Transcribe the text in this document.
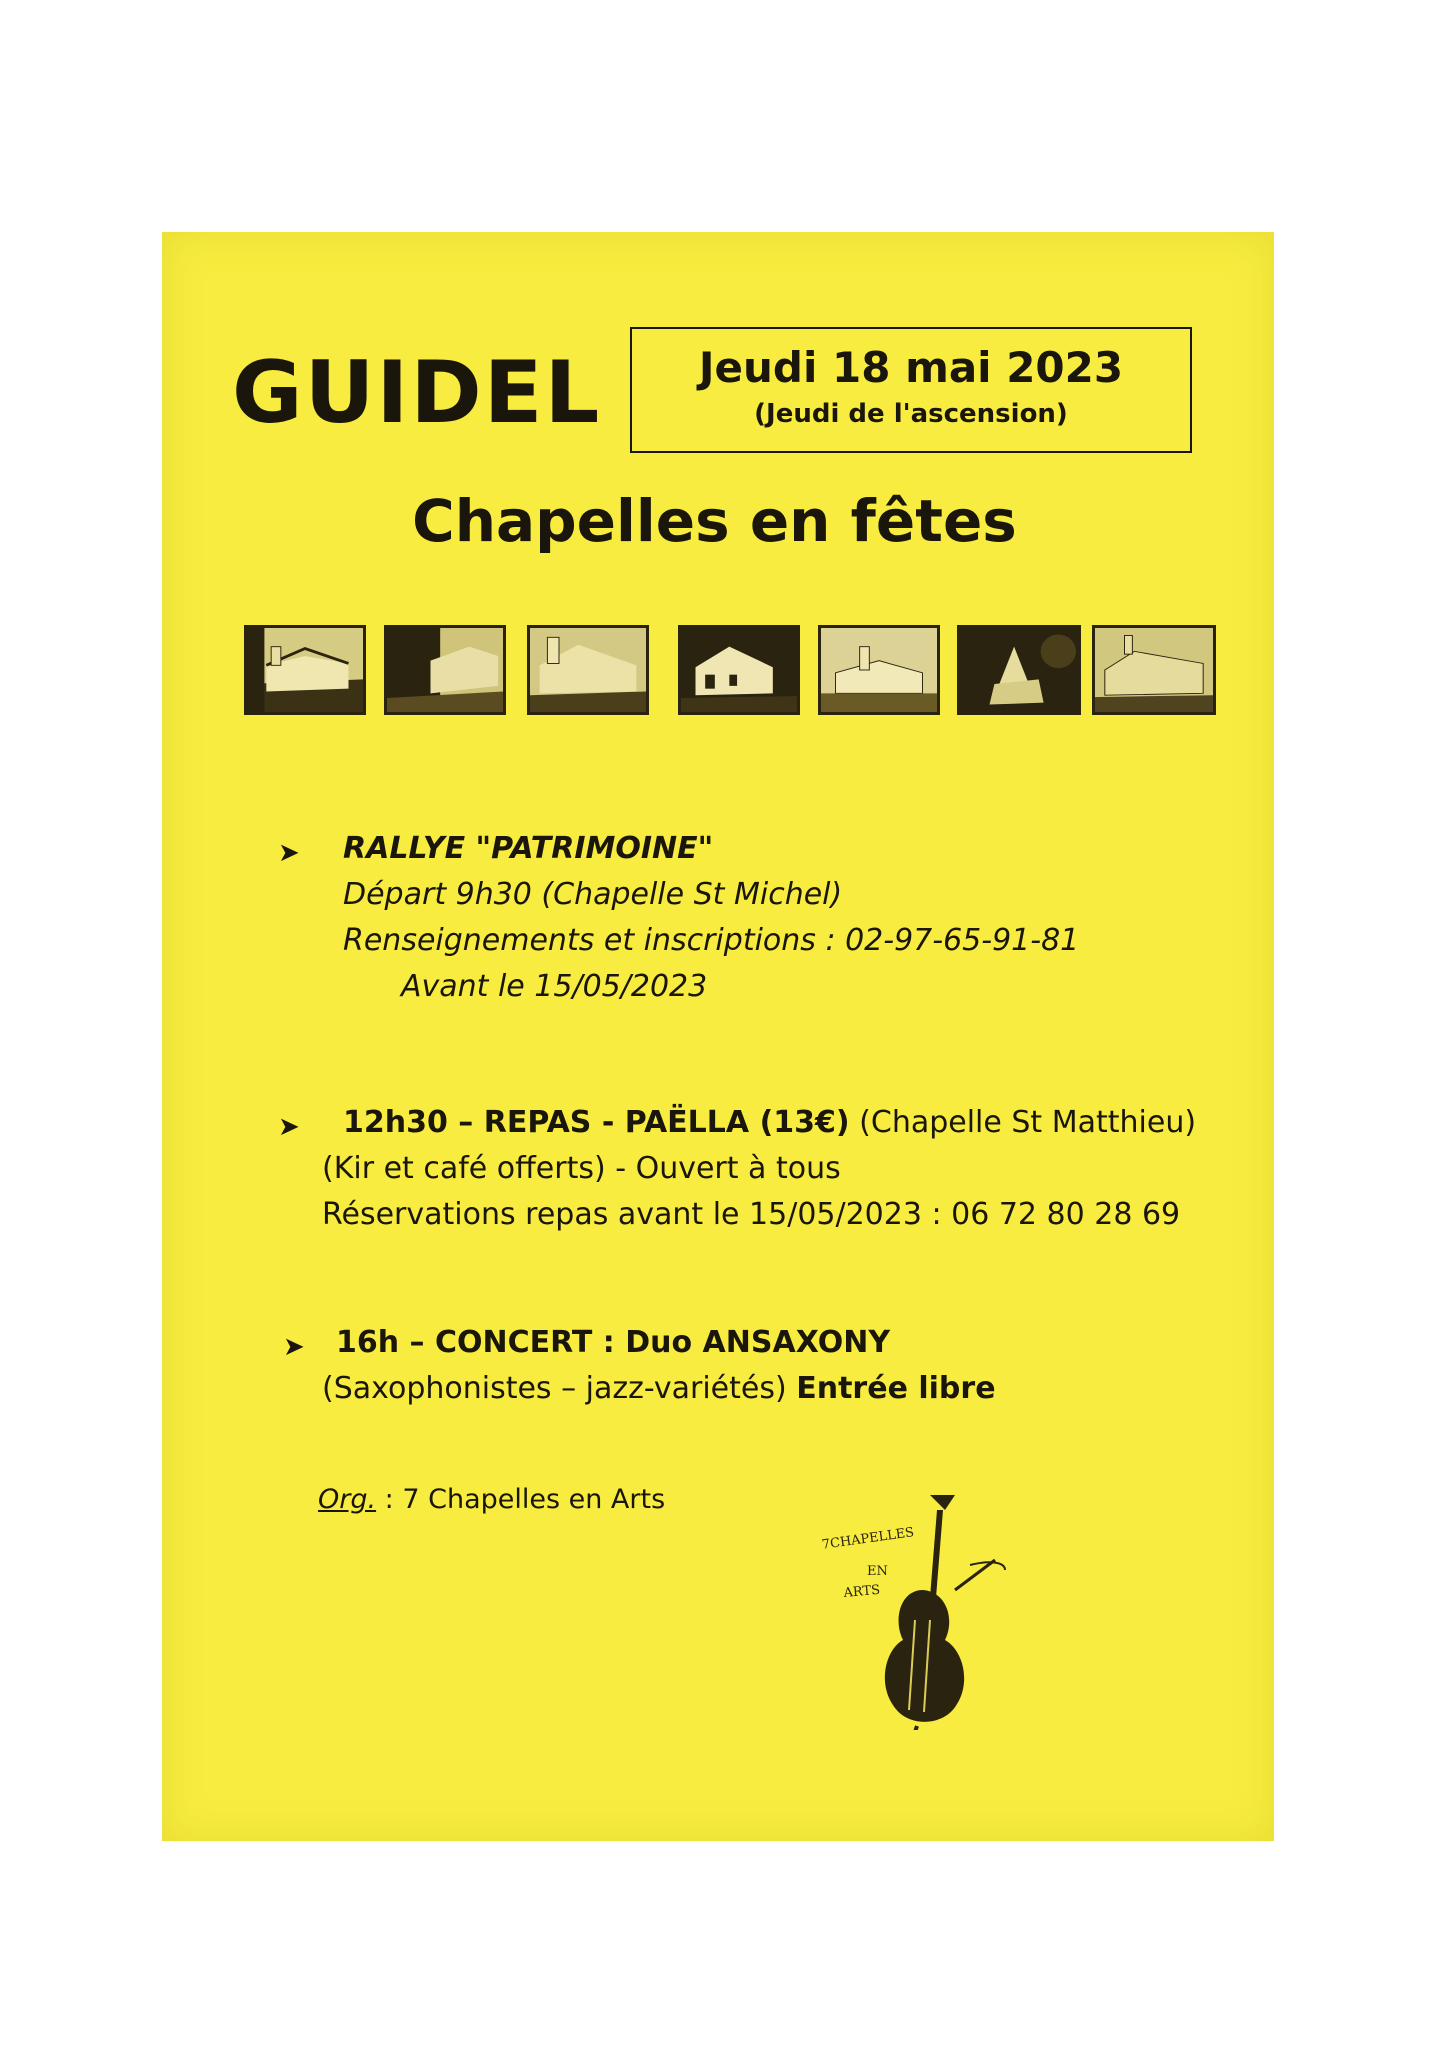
GUIDEL	Jeudi 18 mai 2023
(Jeudi de l'ascension)
Chapelles en fêtes
➤ RALLYE "PATRIMOINE"

Départ 9h30 (Chapelle St Michel)

Renseignements et inscriptions : 02-97-65-91-81

Avant le 15/05/2023

➤	12h30 – REPAS - PAËLLA (13€) (Chapelle St Matthieu)

(Kir et café offerts) - Ouvert à tous

Réservations repas avant le 15/05/2023 : 06 72 80 28 69

➤	16h – CONCERT : Duo ANSAXONY

(Saxophonistes – jazz-variétés) Entrée libre

Org. : 7 Chapelles en Arts
7CHAPELLES
EN
ARTS
